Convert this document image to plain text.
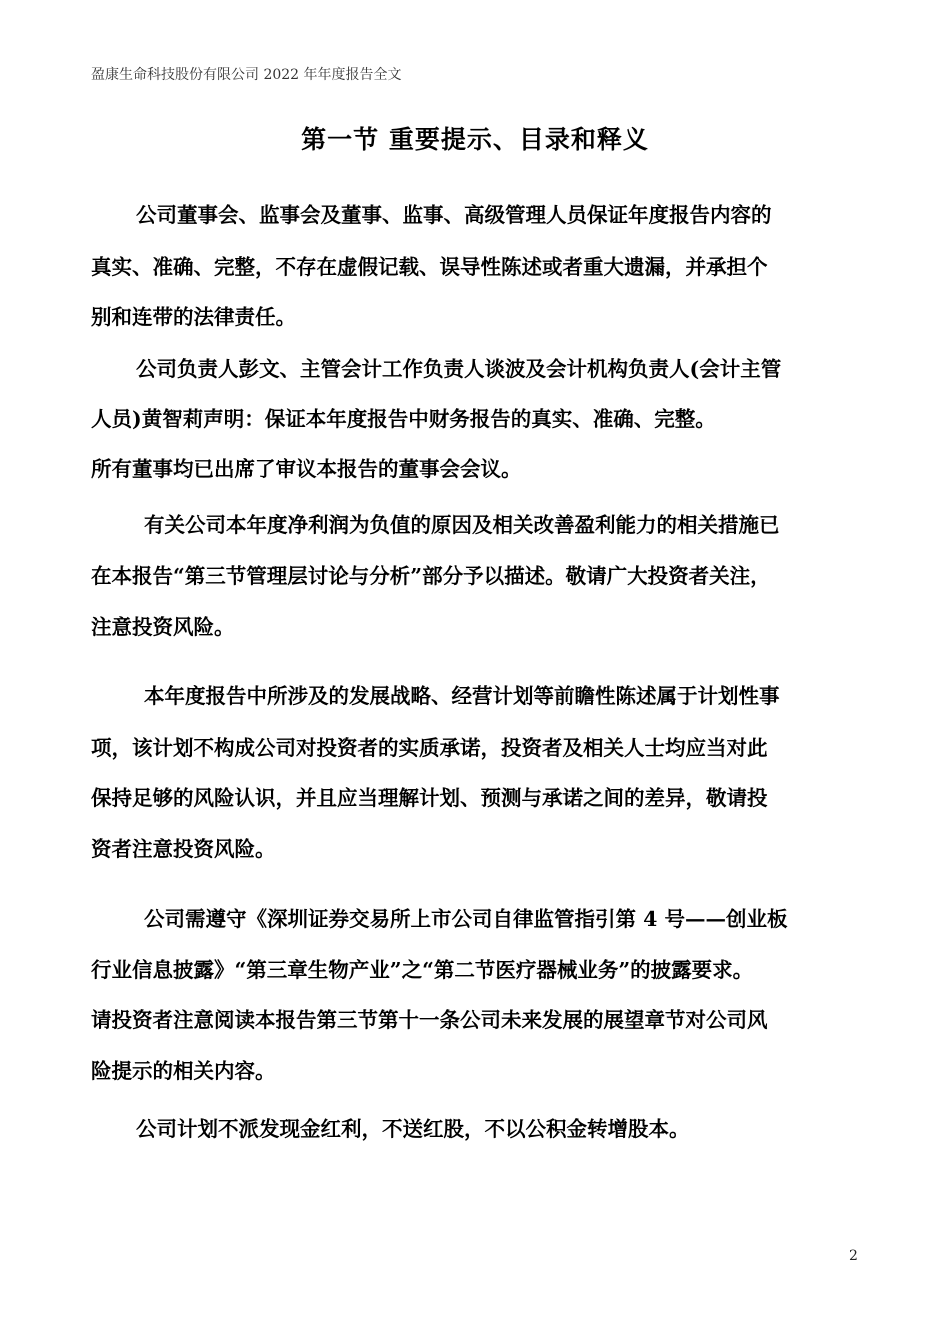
盈康生命科技股份有限公司 2022 年年度报告全文
第一节 重要提示、目录和释义
公司董事会、监事会及董事、监事、高级管理人员保证年度报告内容的
真实、准确、完整，不存在虚假记载、误导性陈述或者重大遗漏，并承担个
别和连带的法律责任。
公司负责人彭文、主管会计工作负责人谈波及会计机构负责人(会计主管
人员)黄智莉声明：保证本年度报告中财务报告的真实、准确、完整。
所有董事均已出席了审议本报告的董事会会议。
有关公司本年度净利润为负值的原因及相关改善盈利能力的相关措施已
在本报告“第三节管理层讨论与分析”部分予以描述。敬请广大投资者关注，
注意投资风险。
本年度报告中所涉及的发展战略、经营计划等前瞻性陈述属于计划性事
项，该计划不构成公司对投资者的实质承诺，投资者及相关人士均应当对此
保持足够的风险认识，并且应当理解计划、预测与承诺之间的差异，敬请投
资者注意投资风险。
公司需遵守《深圳证券交易所上市公司自律监管指引第 4 号——创业板
行业信息披露》“第三章生物产业”之“第二节医疗器械业务”的披露要求。
请投资者注意阅读本报告第三节第十一条公司未来发展的展望章节对公司风
险提示的相关内容。
公司计划不派发现金红利，不送红股，不以公积金转增股本。
2
